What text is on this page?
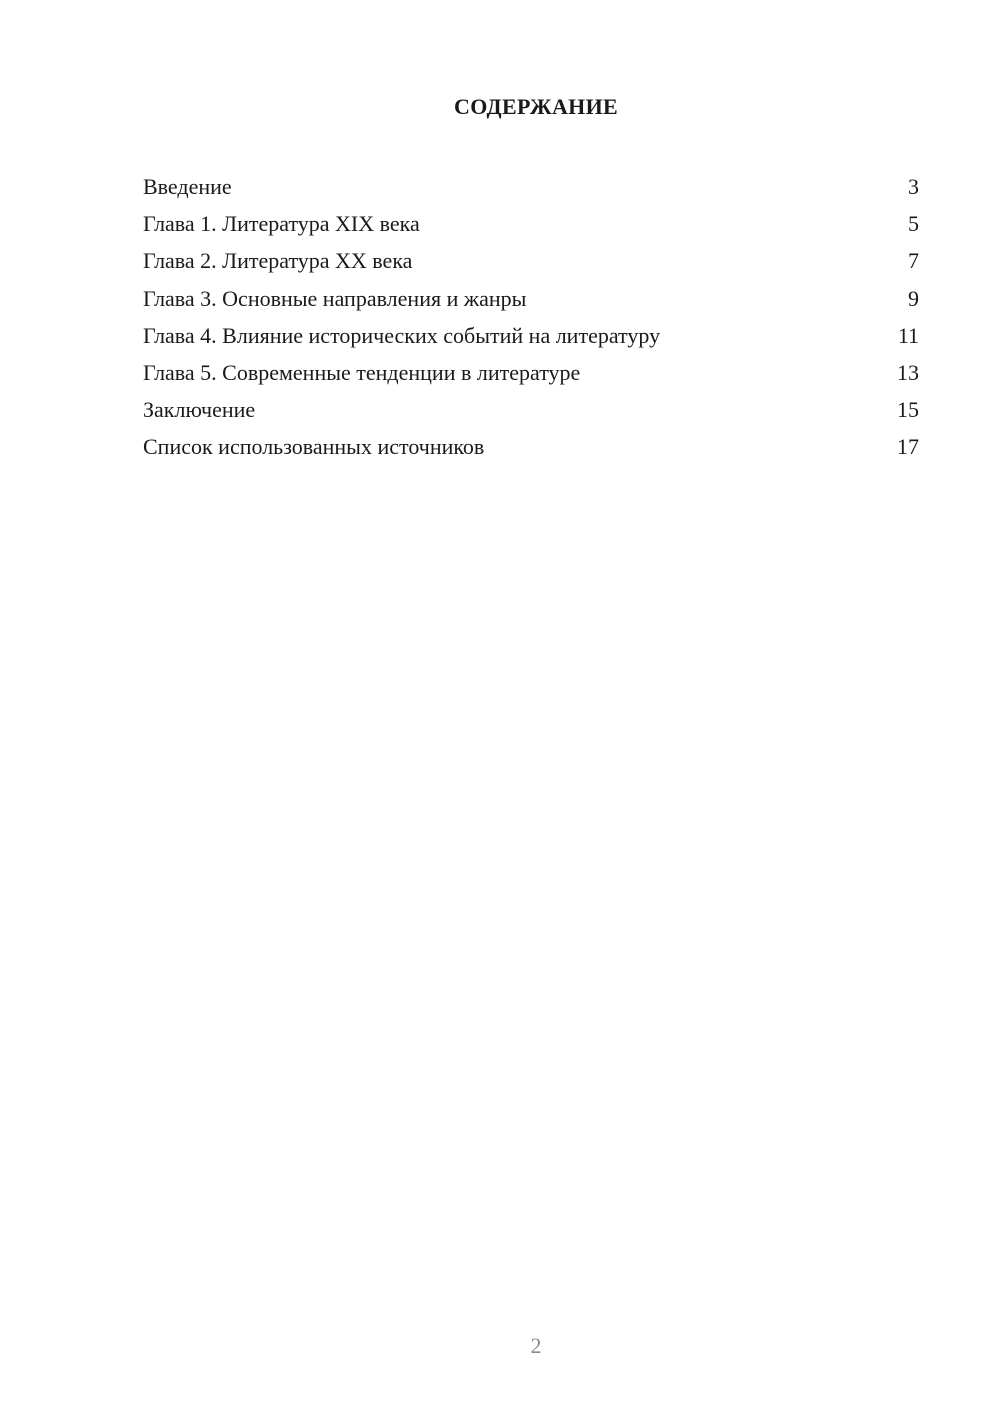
СОДЕРЖАНИЕ
Введение	3
Глава 1. Литература XIX века	5
Глава 2. Литература XX века	7
Глава 3. Основные направления и жанры	9
Глава 4. Влияние исторических событий на литературу	11
Глава 5. Современные тенденции в литературе	13
Заключение	15
Список использованных источников	17
2
